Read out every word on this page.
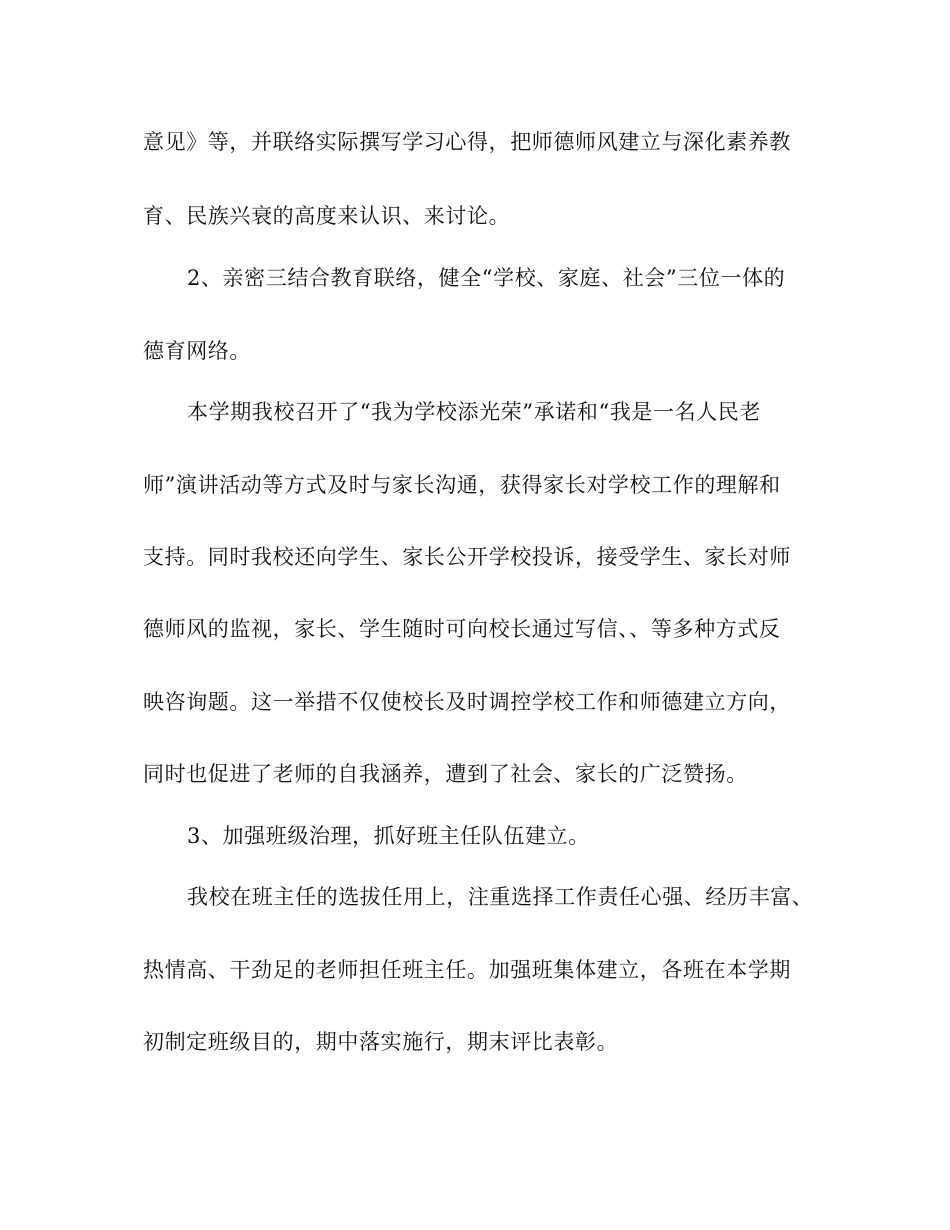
意见》等，并联络实际撰写学习心得，把师德师风建立与深化素养教
育、民族兴衰的高度来认识、来讨论。
2、亲密三结合教育联络，健全“学校、家庭、社会”三位一体的
德育网络。
本学期我校召开了“我为学校添光荣”承诺和“我是一名人民老
师”演讲活动等方式及时与家长沟通，获得家长对学校工作的理解和
支持。同时我校还向学生、家长公开学校投诉，接受学生、家长对师
德师风的监视，家长、学生随时可向校长通过写信、、等多种方式反
映咨询题。这一举措不仅使校长及时调控学校工作和师德建立方向，
同时也促进了老师的自我涵养，遭到了社会、家长的广泛赞扬。
3、加强班级治理，抓好班主任队伍建立。
我校在班主任的选拔任用上，注重选择工作责任心强、经历丰富、
热情高、干劲足的老师担任班主任。加强班集体建立，各班在本学期
初制定班级目的，期中落实施行，期末评比表彰。
